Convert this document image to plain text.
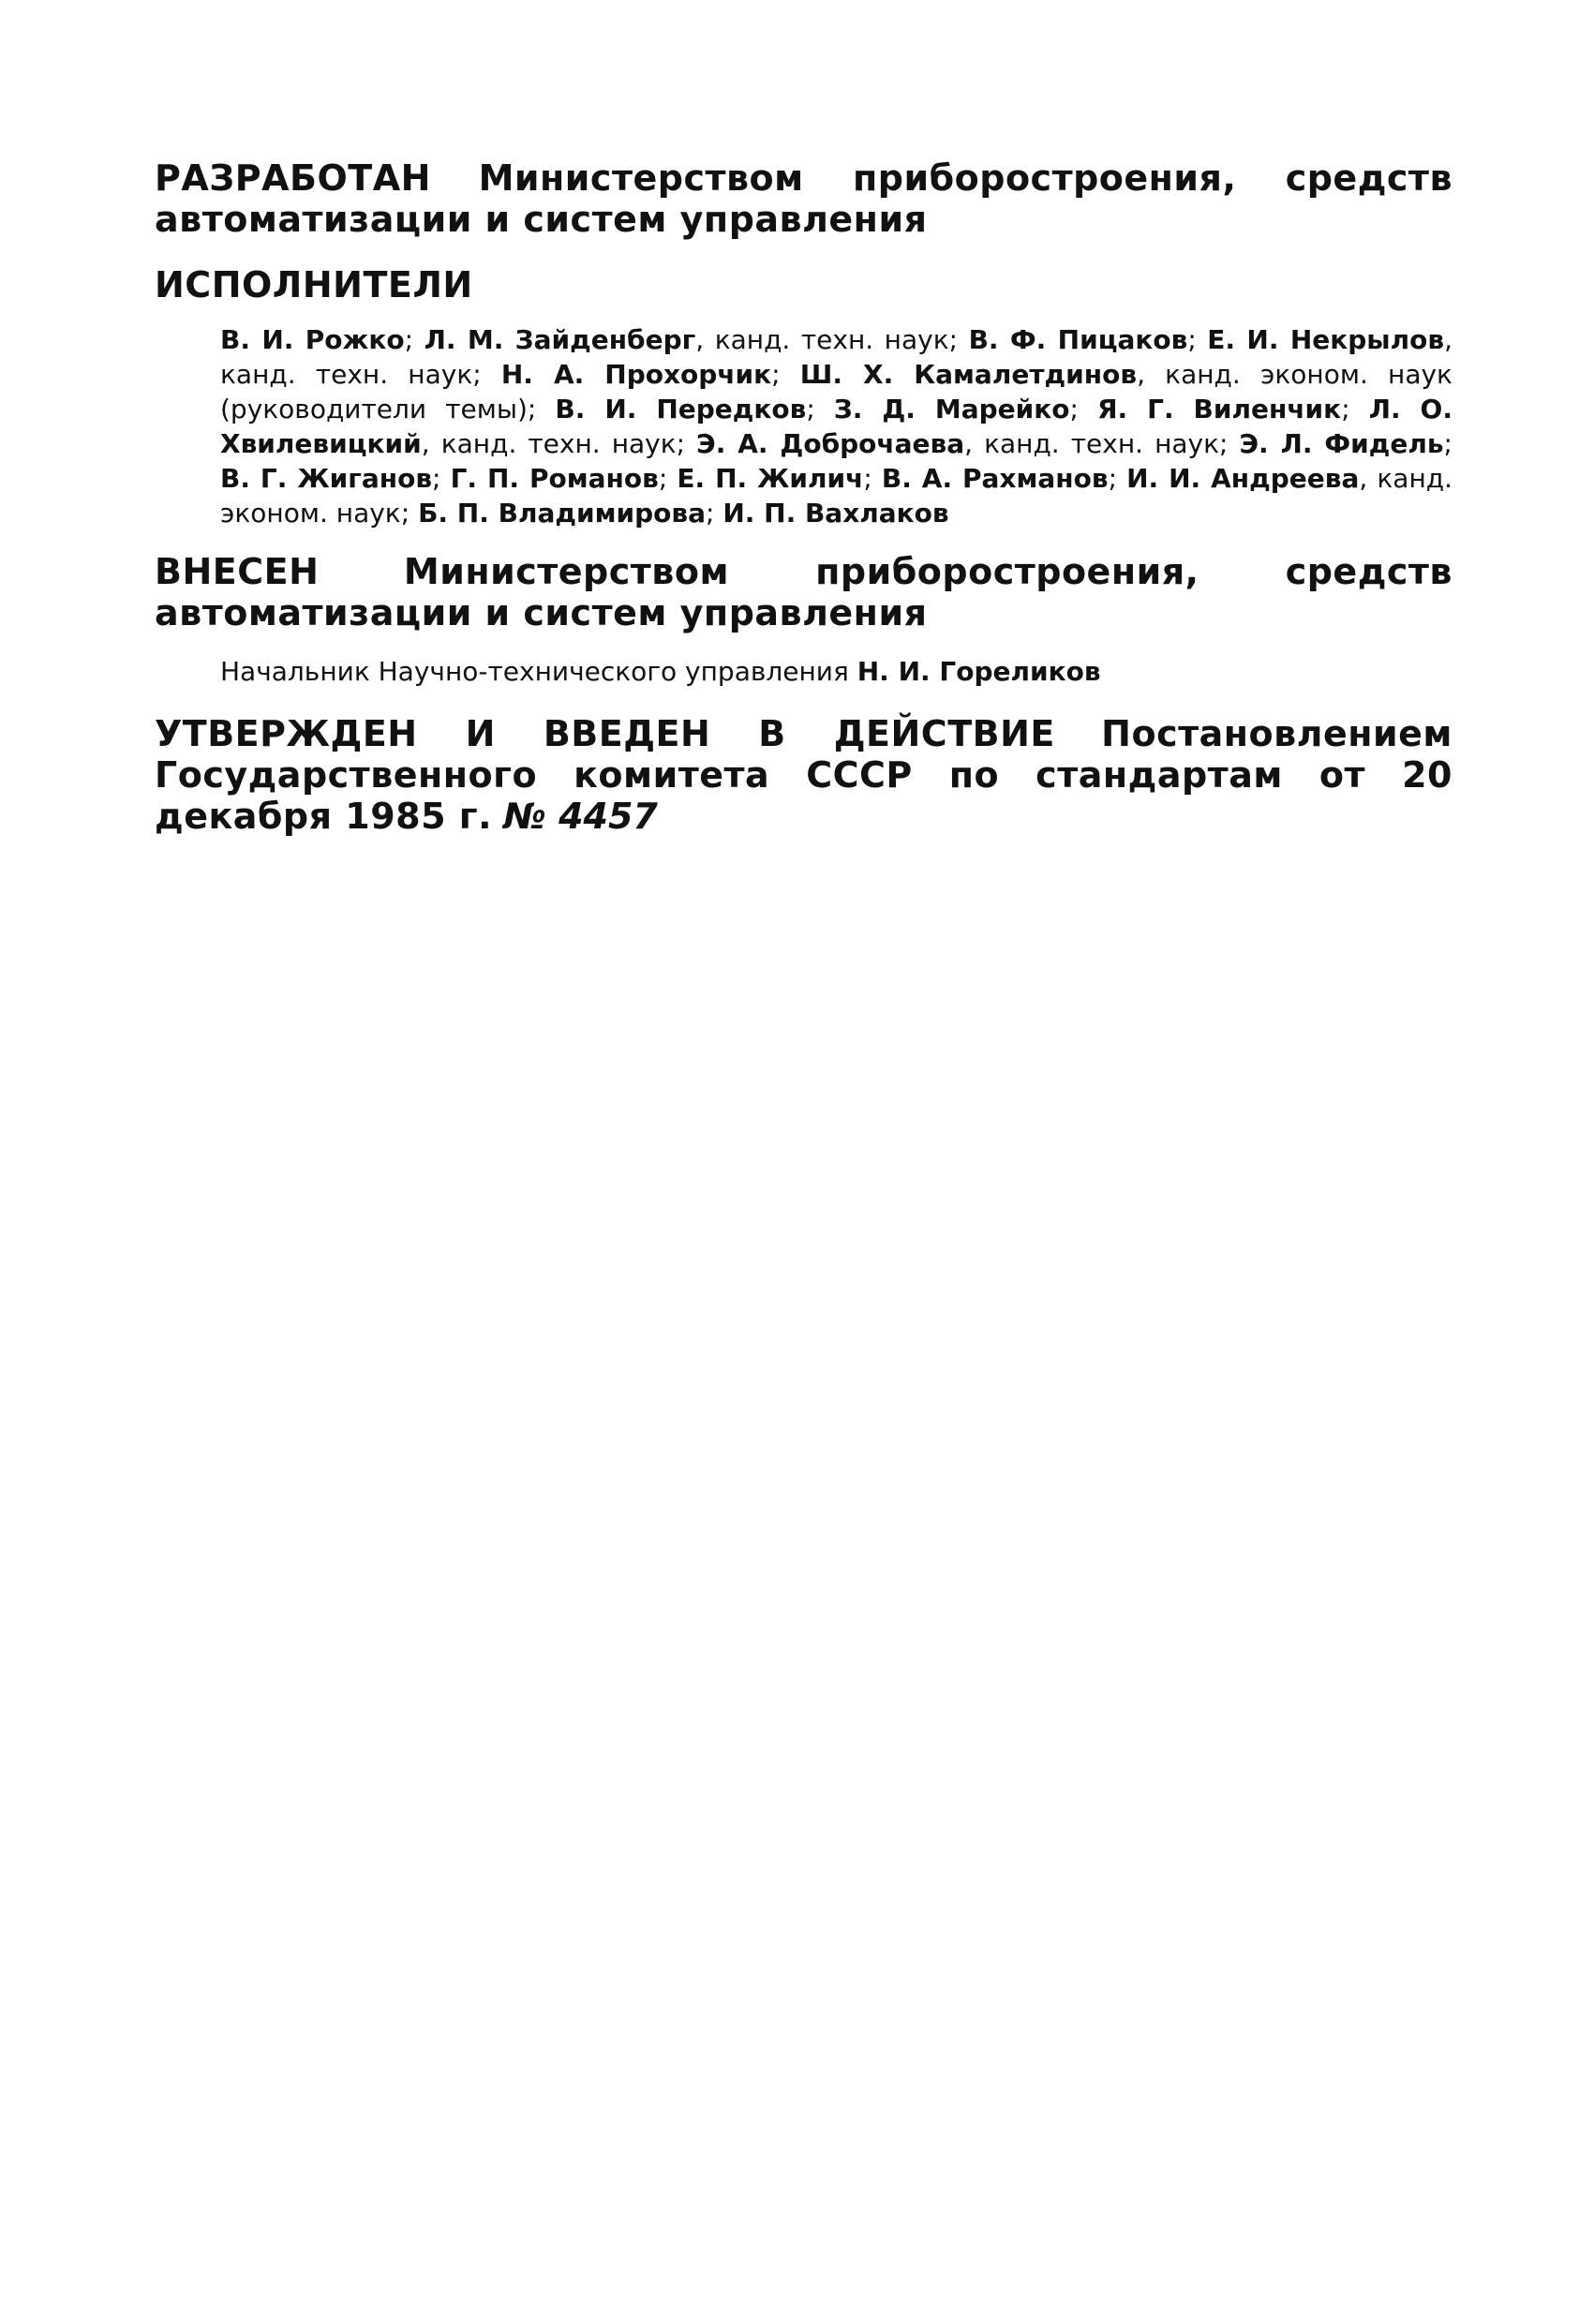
РАЗРАБОТАН Министерством приборостроения, средств автоматизации и систем управления

ИСПОЛНИТЕЛИ

В. И. Рожко; Л. М. Зайденберг, канд. техн. наук; В. Ф. Пицаков; Е. И. Некрылов, канд. техн. наук; Н. А. Прохорчик; Ш. Х. Камалетдинов, канд. эконом. наук (руководители темы); В. И. Передков; З. Д. Марейко; Я. Г. Виленчик; Л. О. Хвилевицкий, канд. техн. наук; Э. А. Доброчаева, канд. техн. наук; Э. Л. Фидель; В. Г. Жиганов; Г. П. Романов; Е. П. Жилич; В. А. Рахманов; И. И. Андреева, канд. эконом. наук; Б. П. Владимирова; И. П. Вахлаков

ВНЕСЕН Министерством приборостроения, средств автоматизации и систем управления

Начальник Научно-технического управления Н. И. Гореликов

УТВЕРЖДЕН И ВВЕДЕН В ДЕЙСТВИЕ Постановлением Государственного комитета СССР по стандартам от 20 декабря 1985 г. № 4457
